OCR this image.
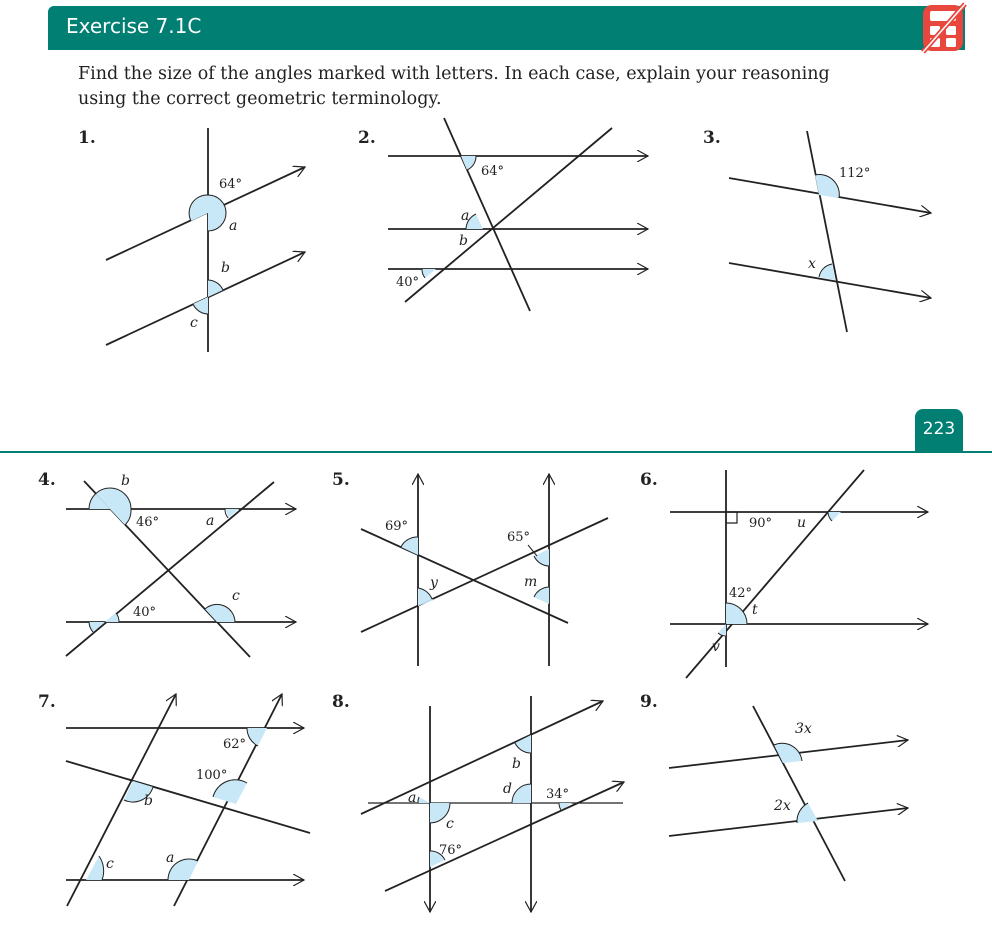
Exercise 7.1C
Find the size of the angles marked with letters. In each case, explain your reasoning using the correct geometric terminology.
223
1.	2.	3.
4.	5.	6.
7.	8.	9.
64°
a
b
c
64°
a
b
40°
112°
x
b
46°	a
40°
c
69°
65°
y	m
90° u
42°
t
v
62°
100°
b
c	a
b
a
d	34°
c
76°
3x
2x
